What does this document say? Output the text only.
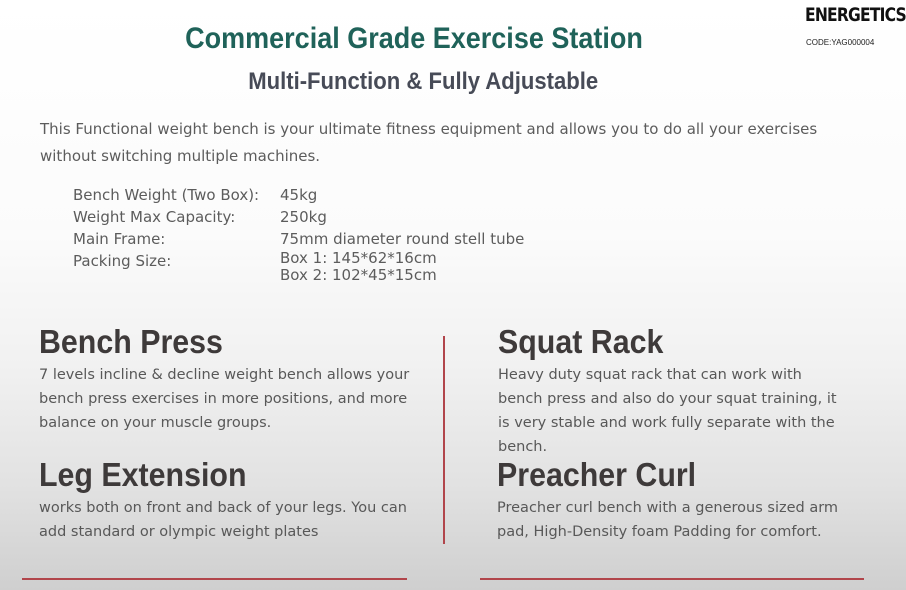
ENERGETICS
CODE:YAG000004
Commercial Grade Exercise Station
Multi-Function & Fully Adjustable

This Functional weight bench is your ultimate fitness equipment and allows you to do all your exercises without switching multiple machines.

Bench Weight (Two Box):	45kg
Weight Max Capacity:	250kg
Main Frame:	75mm diameter round stell tube
Packing Size:	Box 1: 145*62*16cm
Box 2: 102*45*15cm
Bench Press

7 levels incline & decline weight bench allows your bench press exercises in more positions, and more balance on your muscle groups.

Squat Rack

Heavy duty squat rack that can work with bench press and also do your squat training, it is very stable and work fully separate with the bench.

Leg Extension

works both on front and back of your legs. You can add standard or olympic weight plates

Preacher Curl

Preacher curl bench with a generous sized arm pad, High-Density foam Padding for comfort.
